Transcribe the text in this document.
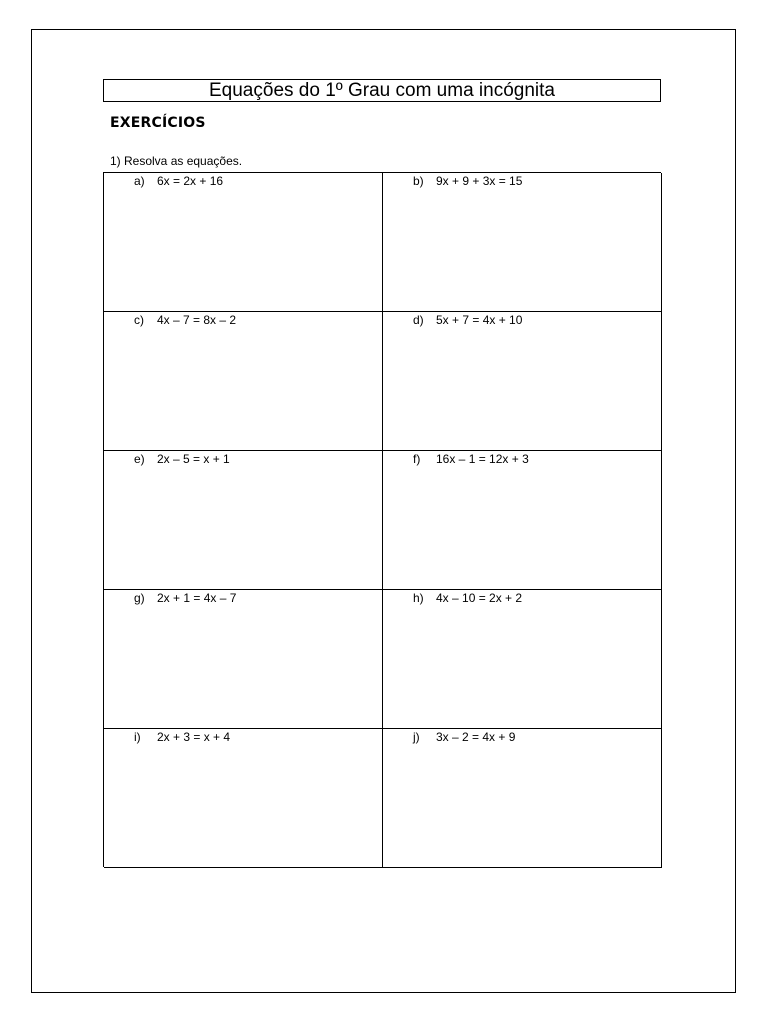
Equações do 1º Grau com uma incógnita
EXERCÍCIOS
1) Resolva as equações.
a) 6x = 2x + 16	b) 9x + 9 + 3x = 15
c) 4x – 7 = 8x – 2	d) 5x + 7 = 4x + 10
e) 2x – 5 = x + 1	f) 16x – 1 = 12x + 3
g) 2x + 1 = 4x – 7	h) 4x – 10 = 2x + 2
i) 2x + 3 = x + 4	j) 3x – 2 = 4x + 9
